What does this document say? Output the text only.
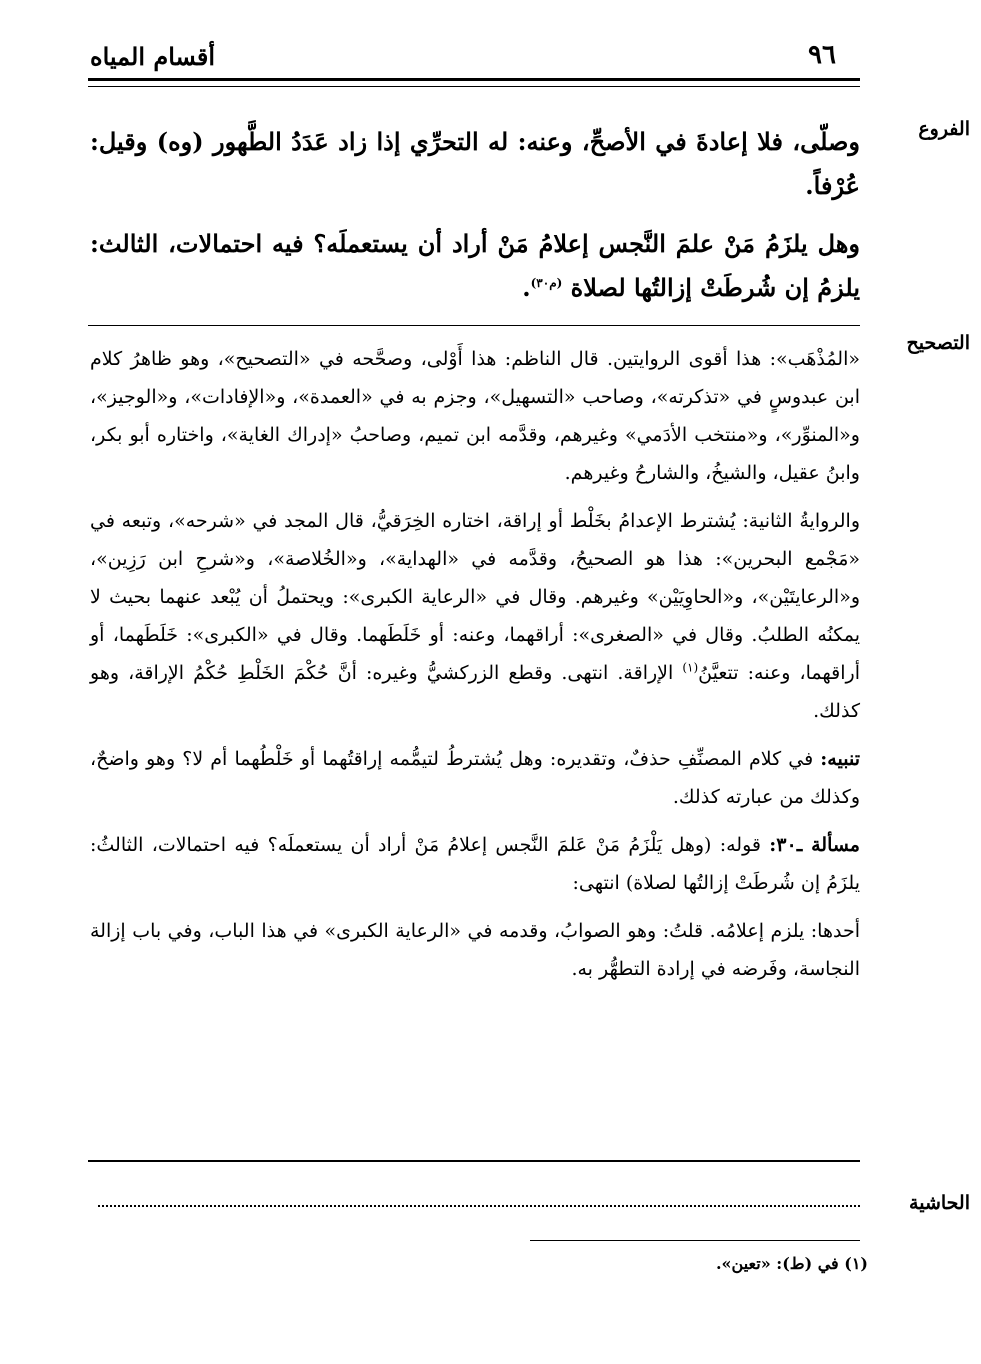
٩٦
أقسام المياه
الفروع

وصلّى، فلا إعادةَ في الأصحِّ، وعنه: له التحرِّي إذا زاد عَدَدُ الطَّهور (وه) وقيل: عُرْفاً.

وهل يلزَمُ مَنْ علمَ النَّجس إعلامُ مَنْ أراد أن يستعملَه؟ فيه احتمالات، الثالث: يلزمُ إن شُرطَتْ إزالتُها لصلاة $^{(م٣٠)}$.

التصحيح

«المُذْهَب»: هذا أقوى الروايتين. قال الناظم: هذا أَوْلى، وصحَّحه في «التصحيح»، وهو ظاهرُ كلام ابن عبدوسٍ في «تذكرته»، وصاحب «التسهيل»، وجزم به في «العمدة»، و«الإفادات»، و«الوجيز»، و«المنوِّر»، و«منتخب الأدَمي» وغيرهم، وقدَّمه ابن تميم، وصاحبُ «إدراك الغاية»، واختاره أبو بكر، وابنُ عقيل، والشيخُ، والشارحُ وغيرهم.

والروايةُ الثانية: يُشترط الإعدامُ بخَلْط أو إراقة، اختاره الخِرَقيُّ، قال المجد في «شرحه»، وتبعه في «مَجْمع البحرين»: هذا هو الصحيحُ، وقدَّمه في «الهداية»، و«الخُلاصة»، و«شرحِ ابن رَزِين»، و«الرعايتَيْن»، و«الحاوِيَيْن» وغيرهم. وقال في «الرعاية الكبرى»: ويحتملُ أن يُبْعد عنهما بحيث لا يمكنُه الطلبُ. وقال في «الصغرى»: أراقهما، وعنه: أو خَلَطَهما. وقال في «الكبرى»: خَلَطَهما، أو أراقهما، وعنه: تتعيَّنُ$^{(١)}$ الإراقة. انتهى. وقطع الزركشيُّ وغيره: أنَّ حُكْمَ الخَلْطِ حُكْمُ الإراقة، وهو كذلك.

تنبيه: في كلام المصنِّفِ حذفٌ، وتقديره: وهل يُشترطُ لتيمُّمه إراقتُهما أو خَلْطُهما أم لا؟ وهو واضحٌ، وكذلك من عبارته كذلك.

مسألة ـ٣٠: قوله: (وهل يَلْزَمُ مَنْ عَلمَ النَّجس إعلامُ مَنْ أراد أن يستعملَه؟ فيه احتمالات، الثالثُ: يلزَمُ إن شُرطَتْ إزالتُها لصلاة) انتهى:

أحدها: يلزم إعلامُه. قلتُ: وهو الصوابُ، وقدمه في «الرعاية الكبرى» في هذا الباب، وفي باب إزالة النجاسة، وفَرضه في إرادة التطهُّر به.

الحاشية
(١) في (ط): «تعين».
